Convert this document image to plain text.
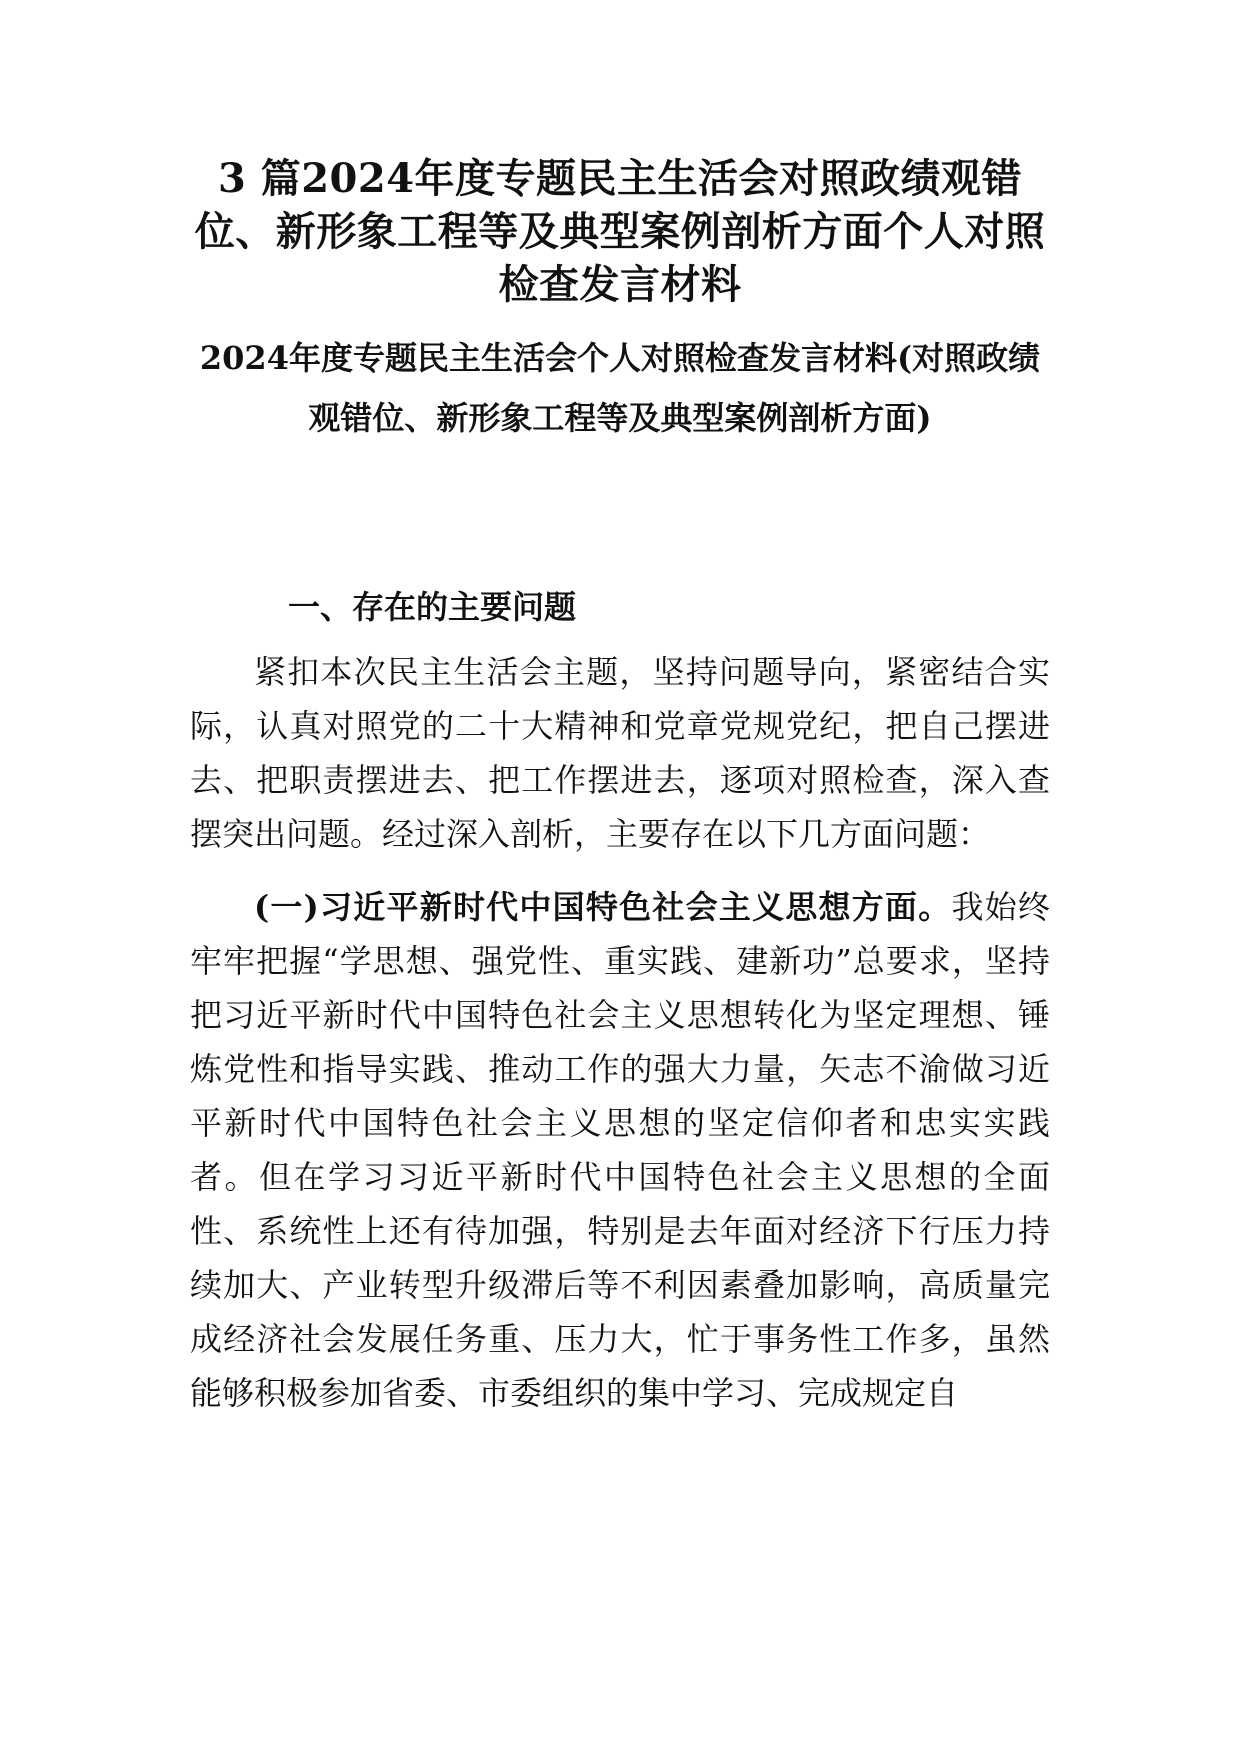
3 篇2024年度专题民主生活会对照政绩观错位、新形象工程等及典型案例剖析方面个人对照检查发言材料
2024年度专题民主生活会个人对照检查发言材料(对照政绩观错位、新形象工程等及典型案例剖析方面)
一、存在的主要问题

紧扣本次民主生活会主题，坚持问题导向，紧密结合实际，认真对照党的二十大精神和党章党规党纪，把自己摆进去、把职责摆进去、把工作摆进去，逐项对照检查，深入查摆突出问题。经过深入剖析，主要存在以下几方面问题：

(一)习近平新时代中国特色社会主义思想方面。我始终牢牢把握“学思想、强党性、重实践、建新功”总要求，坚持把习近平新时代中国特色社会主义思想转化为坚定理想、锤炼党性和指导实践、推动工作的强大力量，矢志不渝做习近平新时代中国特色社会主义思想的坚定信仰者和忠实实践者。但在学习习近平新时代中国特色社会主义思想的全面性、系统性上还有待加强，特别是去年面对经济下行压力持续加大、产业转型升级滞后等不利因素叠加影响，高质量完成经济社会发展任务重、压力大，忙于事务性工作多，虽然能够积极参加省委、市委组织的集中学习、完成规定自
